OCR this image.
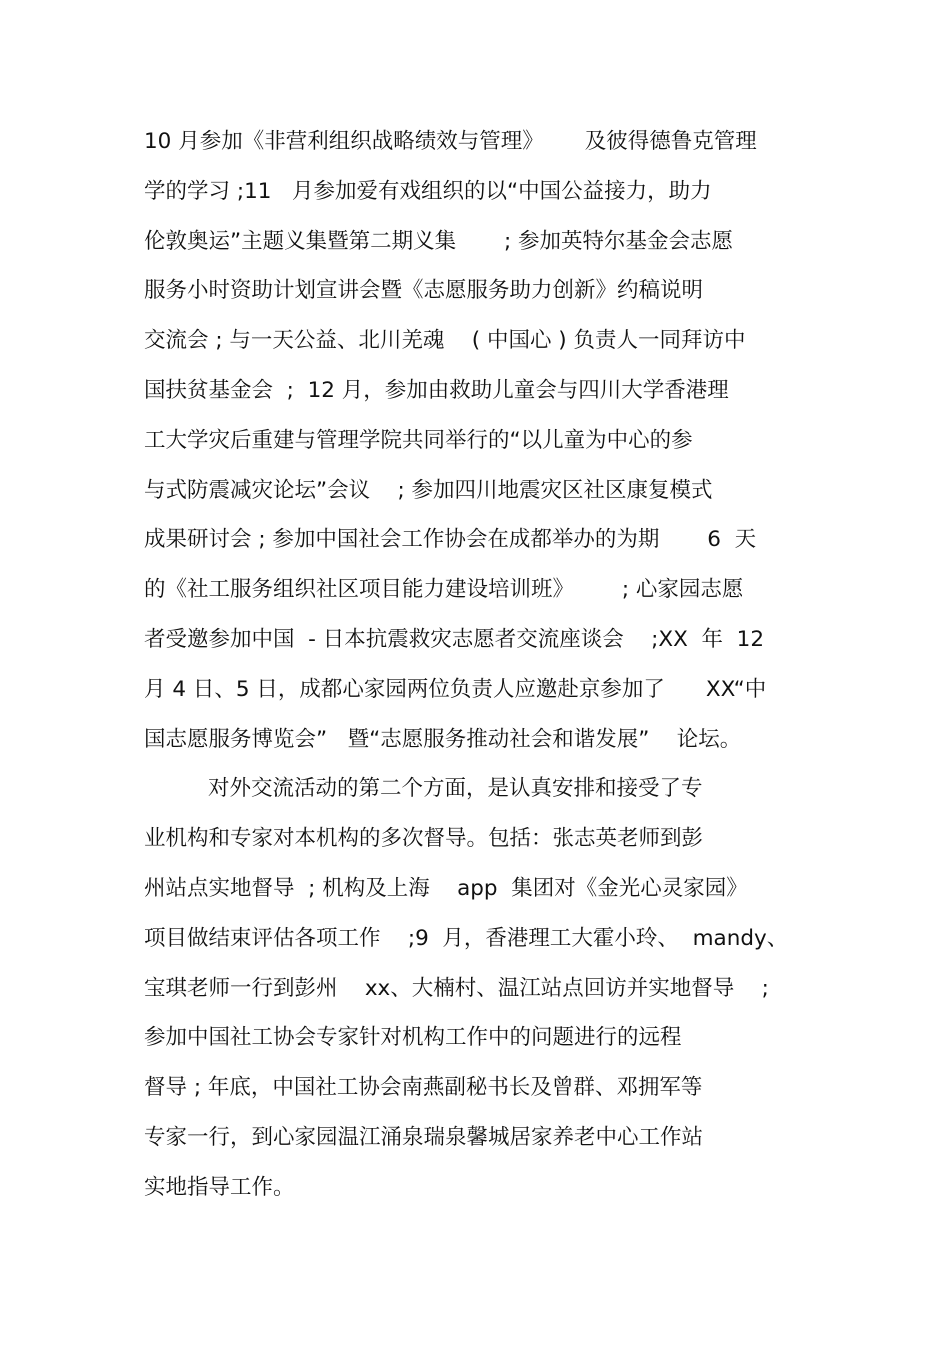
10 月参加《非营利组织战略绩效与管理》      及彼得德鲁克管理
学的学习 ;11   月参加爱有戏组织的以“中国公益接力，助力
伦敦奥运”主题义集暨第二期义集       ; 参加英特尔基金会志愿
服务小时资助计划宣讲会暨《志愿服务助力创新》约稿说明
交流会 ; 与一天公益、北川羌魂    ( 中国心 ) 负责人一同拜访中
国扶贫基金会  ;  12 月，参加由救助儿童会与四川大学香港理
工大学灾后重建与管理学院共同举行的“以儿童为中心的参
与式防震减灾论坛”会议    ; 参加四川地震灾区社区康复模式
成果研讨会 ; 参加中国社会工作协会在成都举办的为期       6  天
的《社工服务组织社区项目能力建设培训班》       ; 心家园志愿
者受邀参加中国  - 日本抗震救灾志愿者交流座谈会    ;XX  年  12
月 4 日、5 日，成都心家园两位负责人应邀赴京参加了      XX“中
国志愿服务博览会”   暨“志愿服务推动社会和谐发展”    论坛。
对外交流活动的第二个方面，是认真安排和接受了专
业机构和专家对本机构的多次督导。包括：张志英老师到彭
州站点实地督导  ; 机构及上海    app  集团对《金光心灵家园》
项目做结束评估各项工作    ;9  月，香港理工大霍小玲、  mandy、
宝琪老师一行到彭州    xx、大楠村、温江站点回访并实地督导    ;
参加中国社工协会专家针对机构工作中的问题进行的远程
督导 ; 年底，中国社工协会南燕副秘书长及曾群、邓拥军等
专家一行，到心家园温江涌泉瑞泉馨城居家养老中心工作站
实地指导工作。
